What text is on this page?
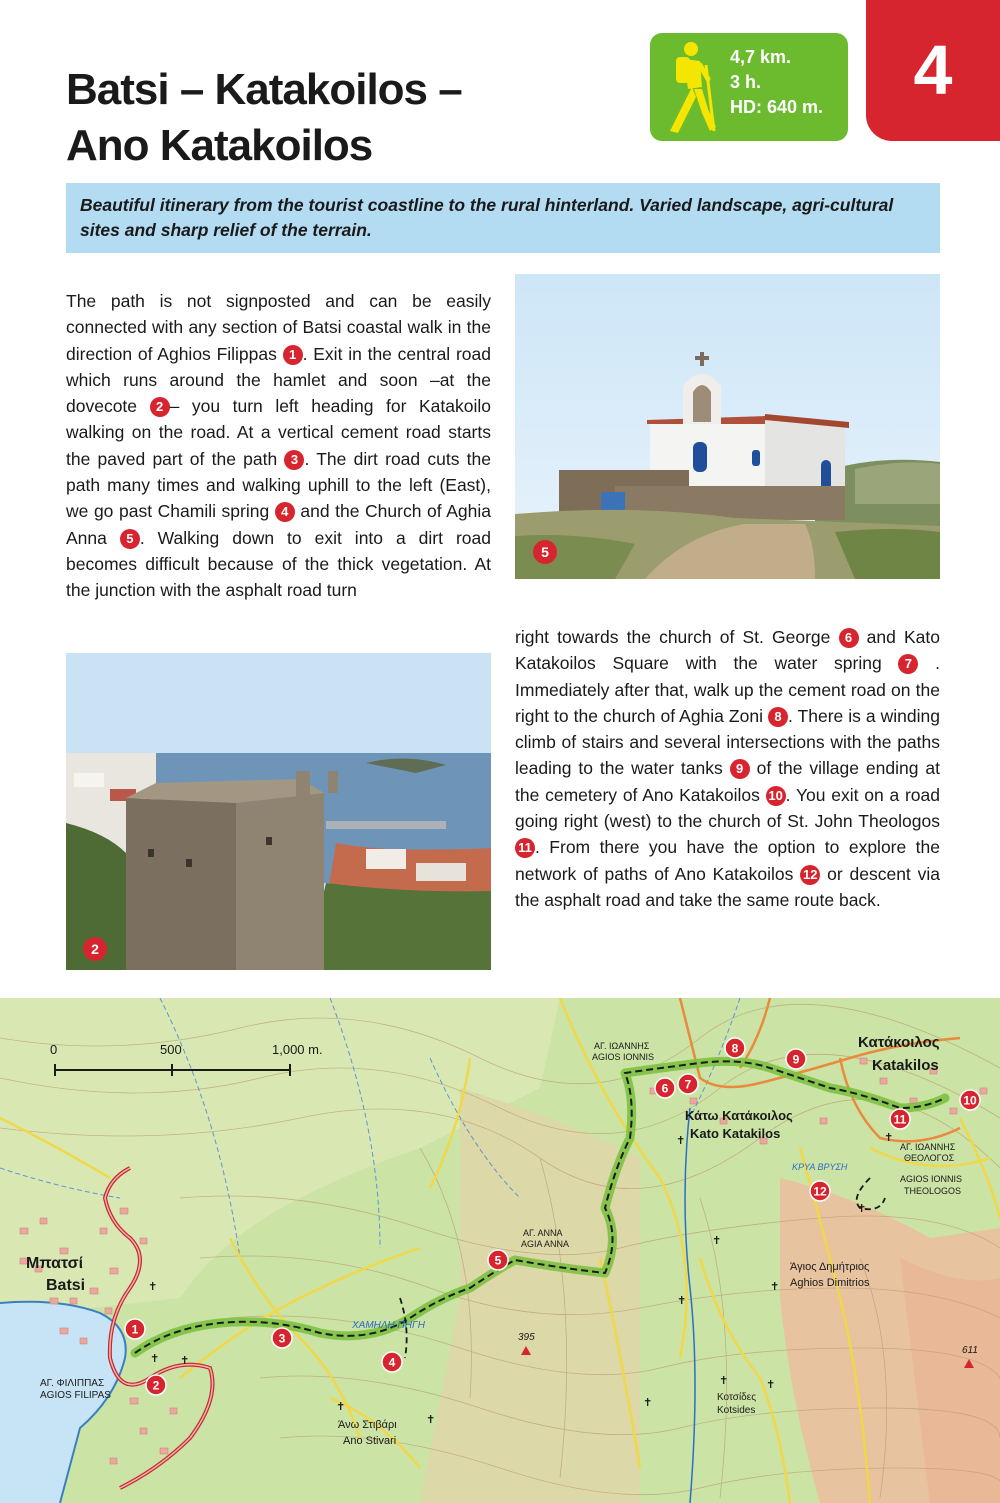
Batsi – Katakoilos –
Ano Katakoilos
4,7 km.
3 h.
HD: 640 m.	4

Beautiful itinerary from the tourist coastline to the rural hinterland. Varied landscape, agri-cultural sites and sharp relief of the terrain.

The path is not signposted and can be easily connected with any section of Batsi coastal walk in the direction of Aghios Filippas 1 . Exit in the central road which runs around the hamlet and soon –at the dovecote 2 – you turn left heading for Katakoilo walking on the road. At a vertical cement road starts the paved part of the path 3 . The dirt road cuts the path many times and walking uphill to the left (East), we go past Chamili spring 4 and the Church of Aghia Anna 5 . Walking down to exit into a dirt road becomes difficult because of the thick vegetation. At the junction with the asphalt road turn

right towards the church of St. George 6 and Kato Katakoilos Square with the water spring 7 . Immediately after that, walk up the cement road on the right to the church of Aghia Zoni 8 . There is a winding climb of stairs and several intersections with the paths leading to the water tanks 9 of the village ending at the cemetery of Ano Katakoilos 10 . You exit on a road going right (west) to the church of St. John Theologos 11 . From there you have the option to explore the network of paths of Ano Katakoilos 12 or descent via the asphalt road and take the same route back.

5
2
0	500	1,000 m.
Μπατσί
Batsi
ΑΓ. ΦΙΛΙΠΠΑΣ
AGIOS FILIPAS
ΧΑΜΗΛΗ ΠΗΓΗ
ΑΓ. ΑΝΝΑ
AGIA ANNA
ΑΓ. ΙΩΑΝΝΗΣ
AGIOS IONNIS
Κάτω Κατάκοιλος
Kato Katakilos
Κατάκοιλος
Katakilos
ΑΓ. ΙΩΑΝΝΗΣ
ΘΕΟΛΟΓΟΣ
AGIOS IONNIS
THEOLOGOS
ΚΡΥΑ ΒΡΥΣΗ
Άγιος Δημήτριος
Aghios Dimitrios
Άνω Στιβάρι
Ano Stivari
Κοτσίδες
Kotsides
395
611
✝
✝
✝
✝
✝
✝
✝
✝
✝	✝
✝
✝
✝
✝
1
2
3
4
5
6 7
8
9
10
11
12
